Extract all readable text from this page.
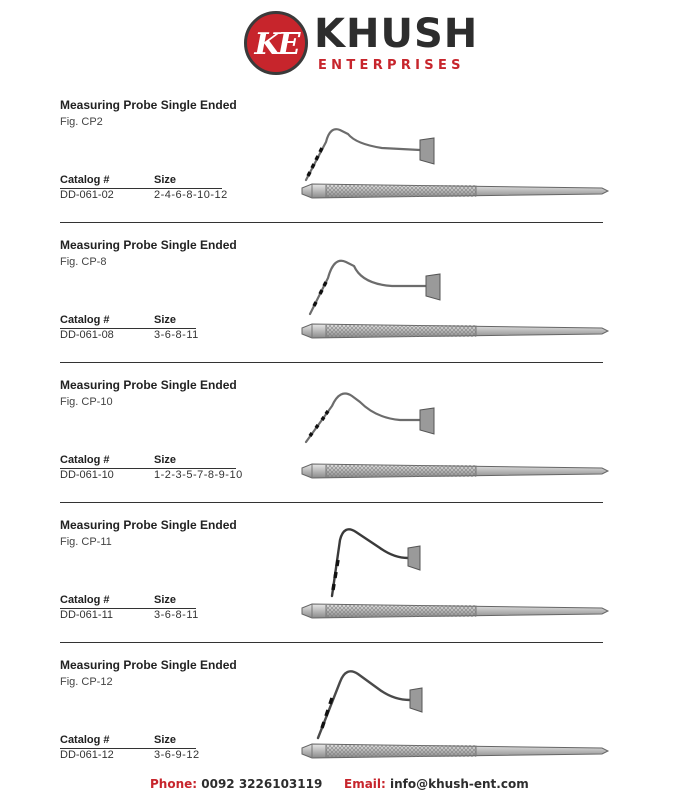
KE KHUSH
ENTERPRISES
Measuring Probe Single Ended
Fig. CP2
Catalog #	Size
DD-061-02	2-4-6-8-10-12
Measuring Probe Single Ended
Fig. CP-8
Catalog #	Size
DD-061-08	3-6-8-11
Measuring Probe Single Ended
Fig. CP-10
Catalog #	Size
DD-061-10	1-2-3-5-7-8-9-10
Measuring Probe Single Ended
Fig. CP-11
Catalog #	Size
DD-061-11	3-6-8-11
Measuring Probe Single Ended
Fig. CP-12
Catalog #	Size
DD-061-12	3-6-9-12
Phone: 0092 3226103119 Email: info@khush-ent.com
